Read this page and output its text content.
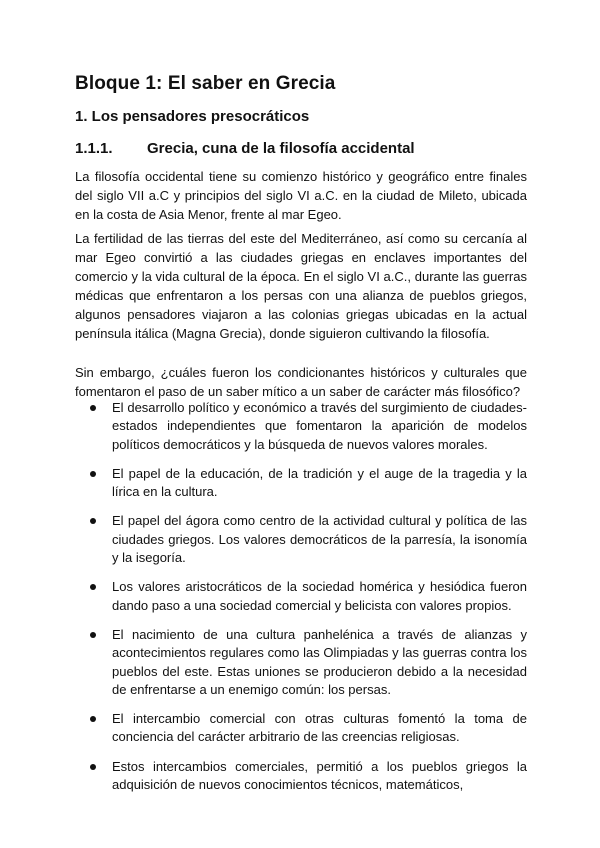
Bloque 1: El saber en Grecia
1. Los pensadores presocráticos
1.1.1. Grecia, cuna de la filosofía accidental

La filosofía occidental tiene su comienzo histórico y geográfico entre finales del siglo VII a.C y principios del siglo VI a.C. en la ciudad de Mileto, ubicada en la costa de Asia Menor, frente al mar Egeo.

La fertilidad de las tierras del este del Mediterráneo, así como su cercanía al mar Egeo convirtió a las ciudades griegas en enclaves importantes del comercio y la vida cultural de la época. En el siglo VI a.C., durante las guerras médicas que enfrentaron a los persas con una alianza de pueblos griegos, algunos pensadores viajaron a las colonias griegas ubicadas en la actual península itálica (Magna Grecia), donde siguieron cultivando la filosofía.

Sin embargo, ¿cuáles fueron los condicionantes históricos y culturales que fomentaron el paso de un saber mítico a un saber de carácter más filosófico?

El desarrollo político y económico a través del surgimiento de ciudades-estados independientes que fomentaron la aparición de modelos políticos democráticos y la búsqueda de nuevos valores morales.
El papel de la educación, de la tradición y el auge de la tragedia y la lírica en la cultura.
El papel del ágora como centro de la actividad cultural y política de las ciudades griegos. Los valores democráticos de la parresía, la isonomía y la isegoría.
Los valores aristocráticos de la sociedad homérica y hesiódica fueron dando paso a una sociedad comercial y belicista con valores propios.
El nacimiento de una cultura panhelénica a través de alianzas y acontecimientos regulares como las Olimpiadas y las guerras contra los pueblos del este. Estas uniones se producieron debido a la necesidad de enfrentarse a un enemigo común: los persas.
El intercambio comercial con otras culturas fomentó la toma de conciencia del carácter arbitrario de las creencias religiosas.
Estos intercambios comerciales, permitió a los pueblos griegos la adquisición de nuevos conocimientos técnicos, matemáticos,
